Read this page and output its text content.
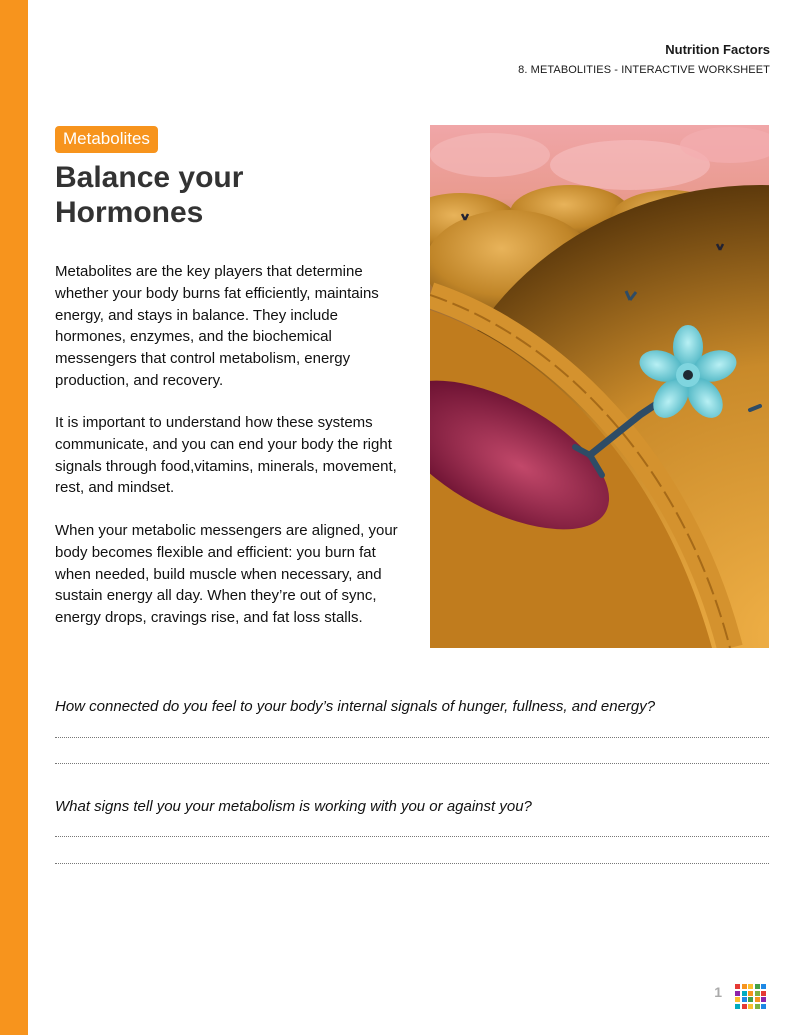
Nutrition Factors
8. METABOLITIES - INTERACTIVE WORKSHEET
Metabolites
Balance your
Hormones

Metabolites are the key players that determine whether your body burns fat efficiently, maintains energy, and stays in balance. They include hormones, enzymes, and the biochemical messengers that control metabolism, energy production, and recovery.

It is important to understand how these systems communicate, and you can end your body the right signals through food,vitamins, minerals, movement, rest, and mindset.

When your metabolic messengers are aligned, your body becomes flexible and efficient: you burn fat when needed, build muscle when necessary, and sustain energy all day. When they’re out of sync, energy drops, cravings rise, and fat loss stalls.

How connected do you feel to your body’s internal signals of hunger, fullness, and energy?

What signs tell you your metabolism is working with you or against you?

1
